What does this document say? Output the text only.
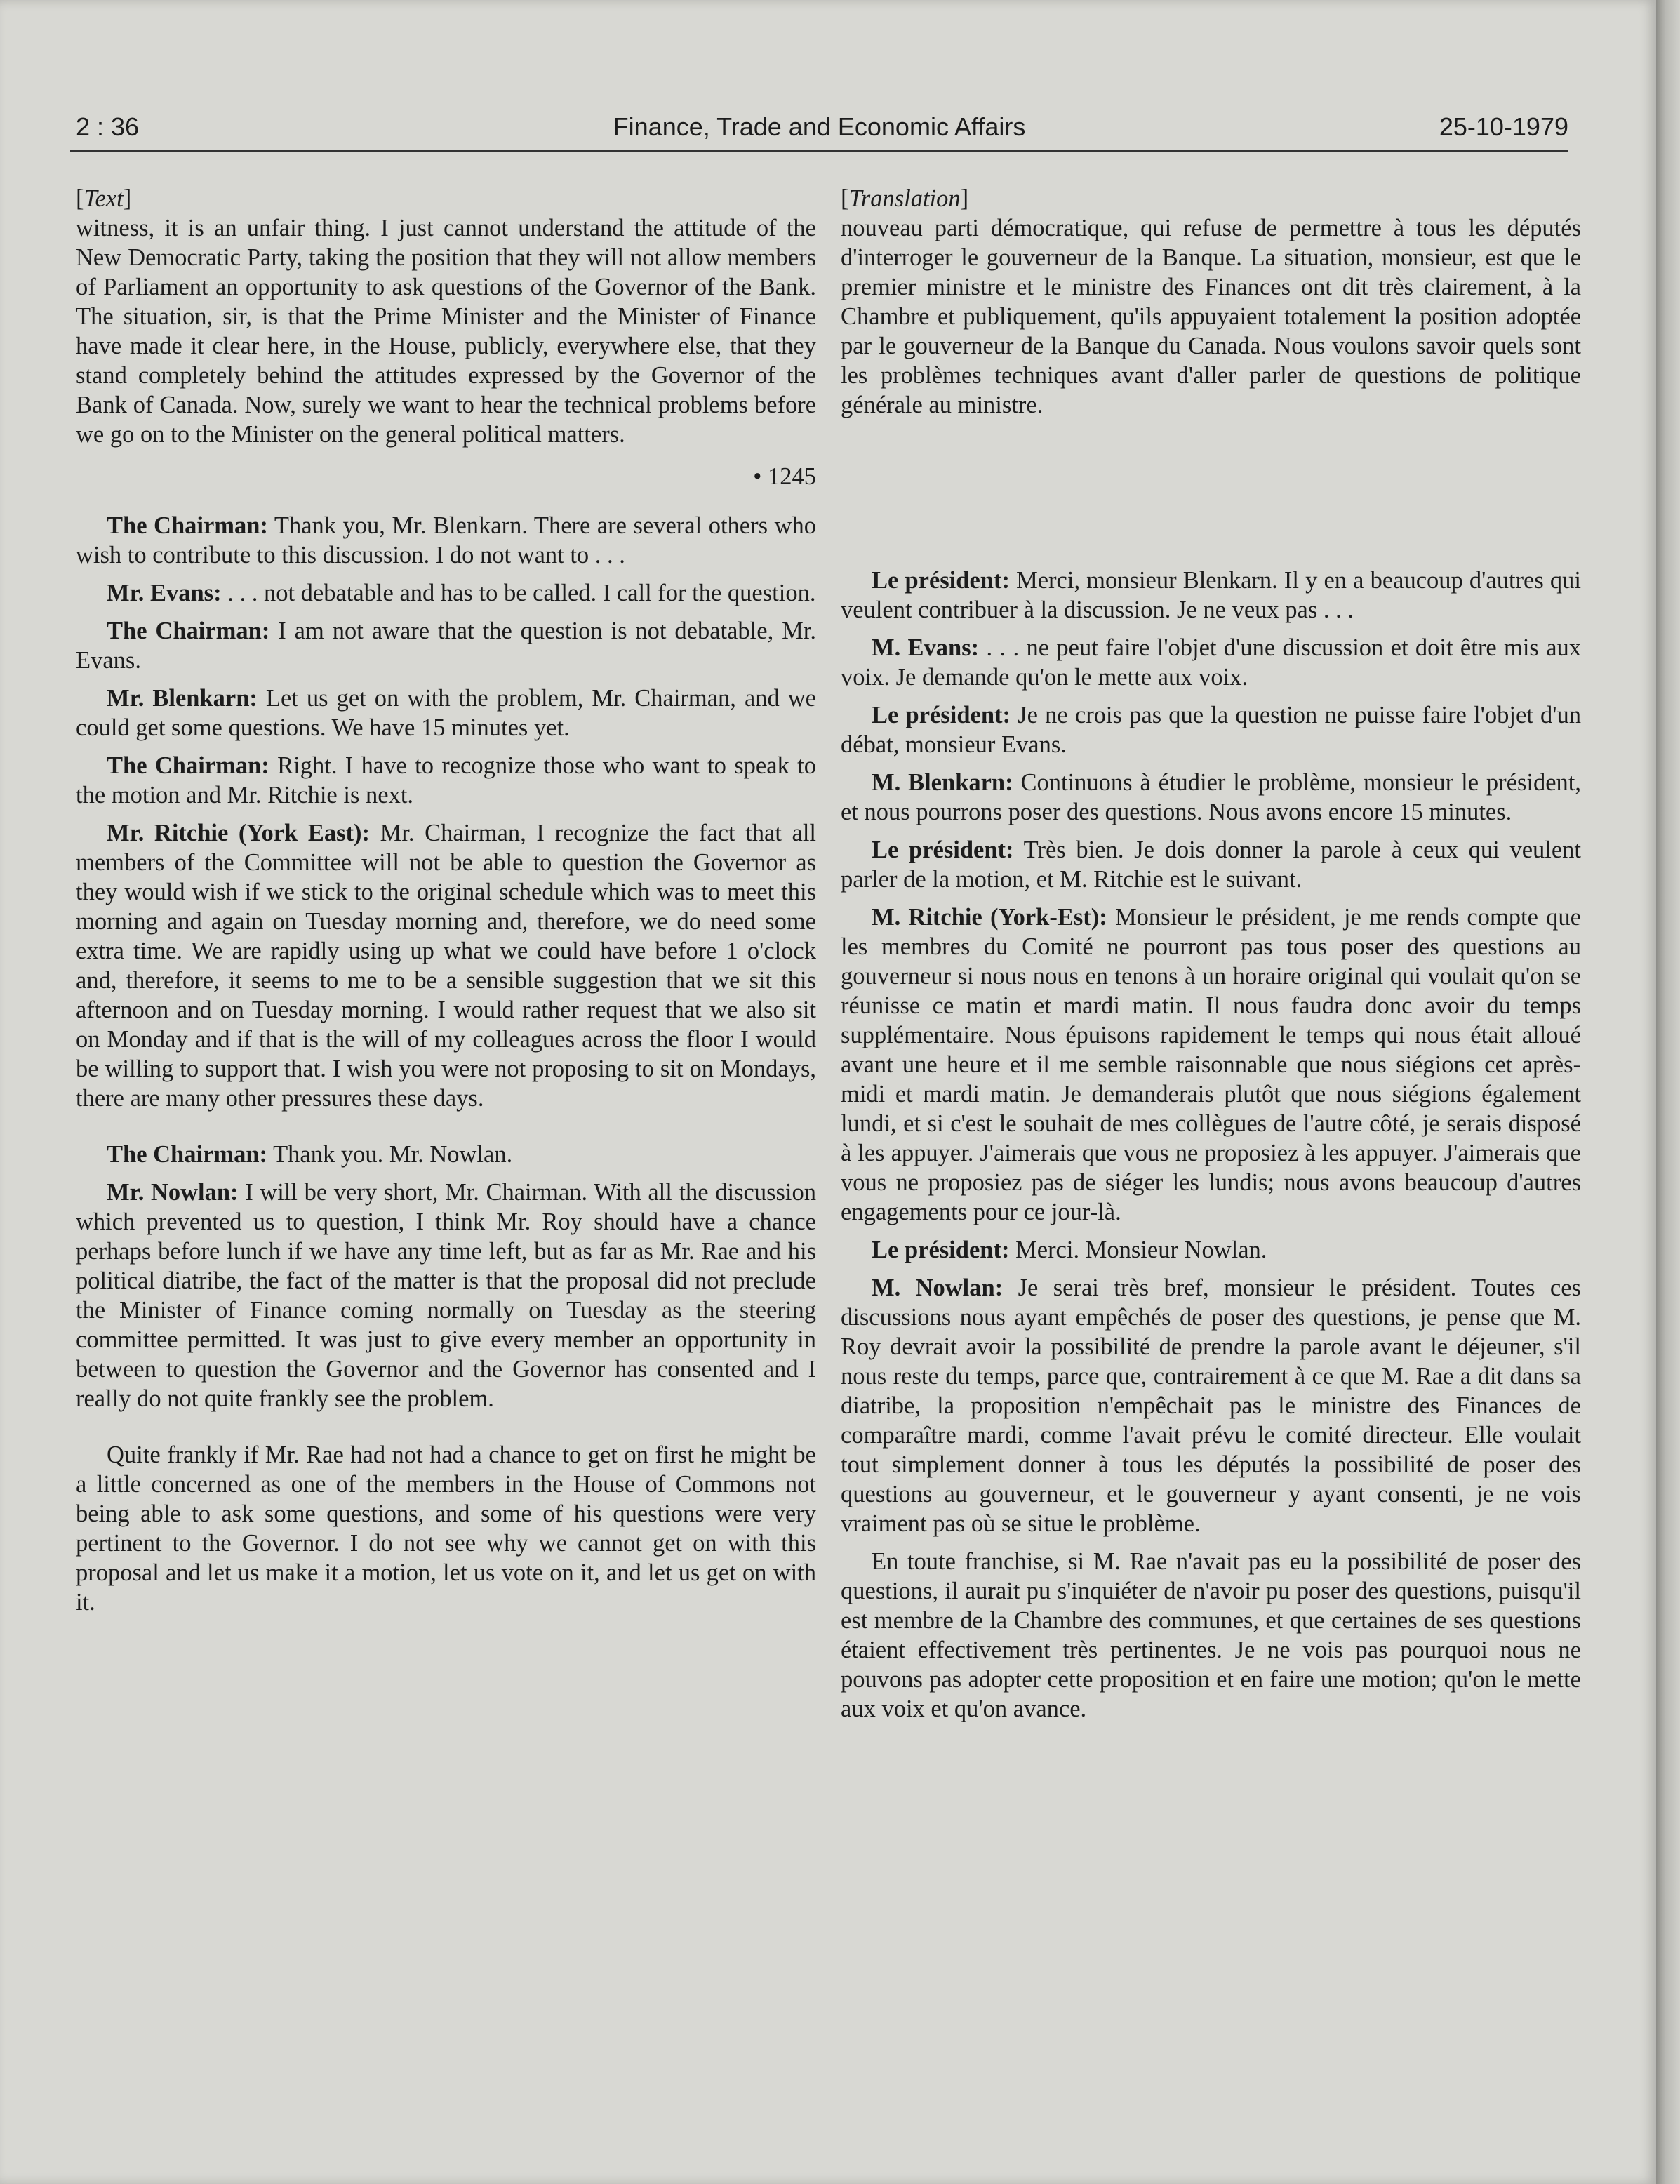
2 : 36	Finance, Trade and Economic Affairs	25-10-1979

[Text]

witness, it is an unfair thing. I just cannot understand the attitude of the New Democratic Party, taking the position that they will not allow members of Parliament an opportunity to ask questions of the Governor of the Bank. The situation, sir, is that the Prime Minister and the Minister of Finance have made it clear here, in the House, publicly, everywhere else, that they stand completely behind the attitudes expressed by the Governor of the Bank of Canada. Now, surely we want to hear the technical problems before we go on to the Minister on the general political matters.

• 1245

The Chairman: Thank you, Mr. Blenkarn. There are several others who wish to contribute to this discussion. I do not want to . . .

Mr. Evans: . . . not debatable and has to be called. I call for the question.

The Chairman: I am not aware that the question is not debatable, Mr. Evans.

Mr. Blenkarn: Let us get on with the problem, Mr. Chairman, and we could get some questions. We have 15 minutes yet.

The Chairman: Right. I have to recognize those who want to speak to the motion and Mr. Ritchie is next.

Mr. Ritchie (York East): Mr. Chairman, I recognize the fact that all members of the Committee will not be able to question the Governor as they would wish if we stick to the original schedule which was to meet this morning and again on Tuesday morning and, therefore, we do need some extra time. We are rapidly using up what we could have before 1 o'clock and, therefore, it seems to me to be a sensible suggestion that we sit this afternoon and on Tuesday morning. I would rather request that we also sit on Monday and if that is the will of my colleagues across the floor I would be willing to support that. I wish you were not proposing to sit on Mondays, there are many other pressures these days.

The Chairman: Thank you. Mr. Nowlan.

Mr. Nowlan: I will be very short, Mr. Chairman. With all the discussion which prevented us to question, I think Mr. Roy should have a chance perhaps before lunch if we have any time left, but as far as Mr. Rae and his political diatribe, the fact of the matter is that the proposal did not preclude the Minister of Finance coming normally on Tuesday as the steering committee permitted. It was just to give every member an opportunity in between to question the Governor and the Governor has consented and I really do not quite frankly see the problem.

Quite frankly if Mr. Rae had not had a chance to get on first he might be a little concerned as one of the members in the House of Commons not being able to ask some questions, and some of his questions were very pertinent to the Governor. I do not see why we cannot get on with this proposal and let us make it a motion, let us vote on it, and let us get on with it.

[Translation]

nouveau parti démocratique, qui refuse de permettre à tous les députés d'interroger le gouverneur de la Banque. La situation, monsieur, est que le premier ministre et le ministre des Finances ont dit très clairement, à la Chambre et publiquement, qu'ils appuyaient totalement la position adoptée par le gouverneur de la Banque du Canada. Nous voulons savoir quels sont les problèmes techniques avant d'aller parler de questions de politique générale au ministre.

Le président: Merci, monsieur Blenkarn. Il y en a beaucoup d'autres qui veulent contribuer à la discussion. Je ne veux pas . . .

M. Evans: . . . ne peut faire l'objet d'une discussion et doit être mis aux voix. Je demande qu'on le mette aux voix.

Le président: Je ne crois pas que la question ne puisse faire l'objet d'un débat, monsieur Evans.

M. Blenkarn: Continuons à étudier le problème, monsieur le président, et nous pourrons poser des questions. Nous avons encore 15 minutes.

Le président: Très bien. Je dois donner la parole à ceux qui veulent parler de la motion, et M. Ritchie est le suivant.

M. Ritchie (York-Est): Monsieur le président, je me rends compte que les membres du Comité ne pourront pas tous poser des questions au gouverneur si nous nous en tenons à un horaire original qui voulait qu'on se réunisse ce matin et mardi matin. Il nous faudra donc avoir du temps supplémentaire. Nous épuisons rapidement le temps qui nous était alloué avant une heure et il me semble raisonnable que nous siégions cet après-midi et mardi matin. Je demanderais plutôt que nous siégions également lundi, et si c'est le souhait de mes collègues de l'autre côté, je serais disposé à les appuyer. J'aimerais que vous ne proposiez à les appuyer. J'aimerais que vous ne proposiez pas de siéger les lundis; nous avons beaucoup d'autres engagements pour ce jour-là.

Le président: Merci. Monsieur Nowlan.

M. Nowlan: Je serai très bref, monsieur le président. Toutes ces discussions nous ayant empêchés de poser des questions, je pense que M. Roy devrait avoir la possibilité de prendre la parole avant le déjeuner, s'il nous reste du temps, parce que, contrairement à ce que M. Rae a dit dans sa diatribe, la proposition n'empêchait pas le ministre des Finances de comparaître mardi, comme l'avait prévu le comité directeur. Elle voulait tout simplement donner à tous les députés la possibilité de poser des questions au gouverneur, et le gouverneur y ayant consenti, je ne vois vraiment pas où se situe le problème.

En toute franchise, si M. Rae n'avait pas eu la possibilité de poser des questions, il aurait pu s'inquiéter de n'avoir pu poser des questions, puisqu'il est membre de la Chambre des communes, et que certaines de ses questions étaient effectivement très pertinentes. Je ne vois pas pourquoi nous ne pouvons pas adopter cette proposition et en faire une motion; qu'on le mette aux voix et qu'on avance.
